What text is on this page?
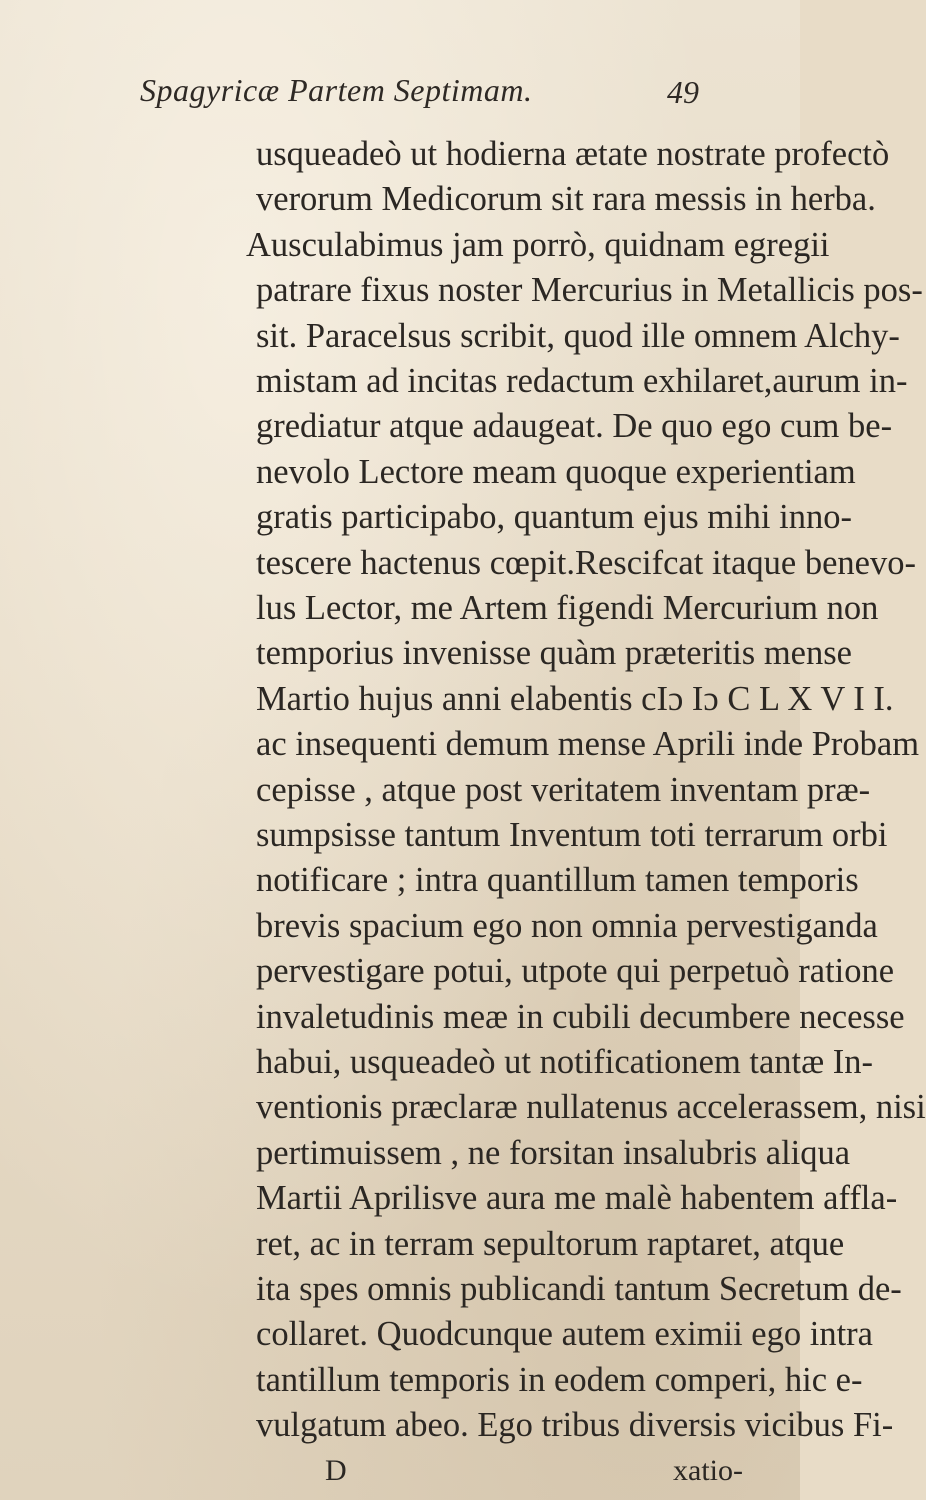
Spagyricæ Partem Septimam.	49
usqueadeò ut hodierna ætate nostrate profectò
verorum Medicorum sit rara messis in herba.
Ausculabimus jam porrò, quidnam egregii
patrare fixus noster Mercurius in Metallicis pos-
sit. Paracelsus scribit, quod ille omnem Alchy-
mistam ad incitas redactum exhilaret,aurum in-
grediatur atque adaugeat. De quo ego cum be-
nevolo Lectore meam quoque experientiam
gratis participabo, quantum ejus mihi inno-
tescere hactenus cœpit.Rescifcat itaque benevo-
lus Lector, me Artem figendi Mercurium non
temporius invenisse quàm præteritis mense
Martio hujus anni elabentis cIɔ Iɔ C L X V I I.
ac insequenti demum mense Aprili inde Probam
cepisse , atque post veritatem inventam præ-
sumpsisse tantum Inventum toti terrarum orbi
notificare ; intra quantillum tamen temporis
brevis spacium ego non omnia pervestiganda
pervestigare potui, utpote qui perpetuò ratione
invaletudinis meæ in cubili decumbere necesse
habui, usqueadeò ut notificationem tantæ In-
ventionis præclaræ nullatenus accelerassem, nisi
pertimuissem , ne forsitan insalubris aliqua
Martii Aprilisve aura me malè habentem affla-
ret, ac in terram sepultorum raptaret, atque
ita spes omnis publicandi tantum Secretum de-
collaret. Quodcunque autem eximii ego intra
tantillum temporis in eodem comperi, hic e-
vulgatum abeo. Ego tribus diversis vicibus Fi-
D	xatio-
